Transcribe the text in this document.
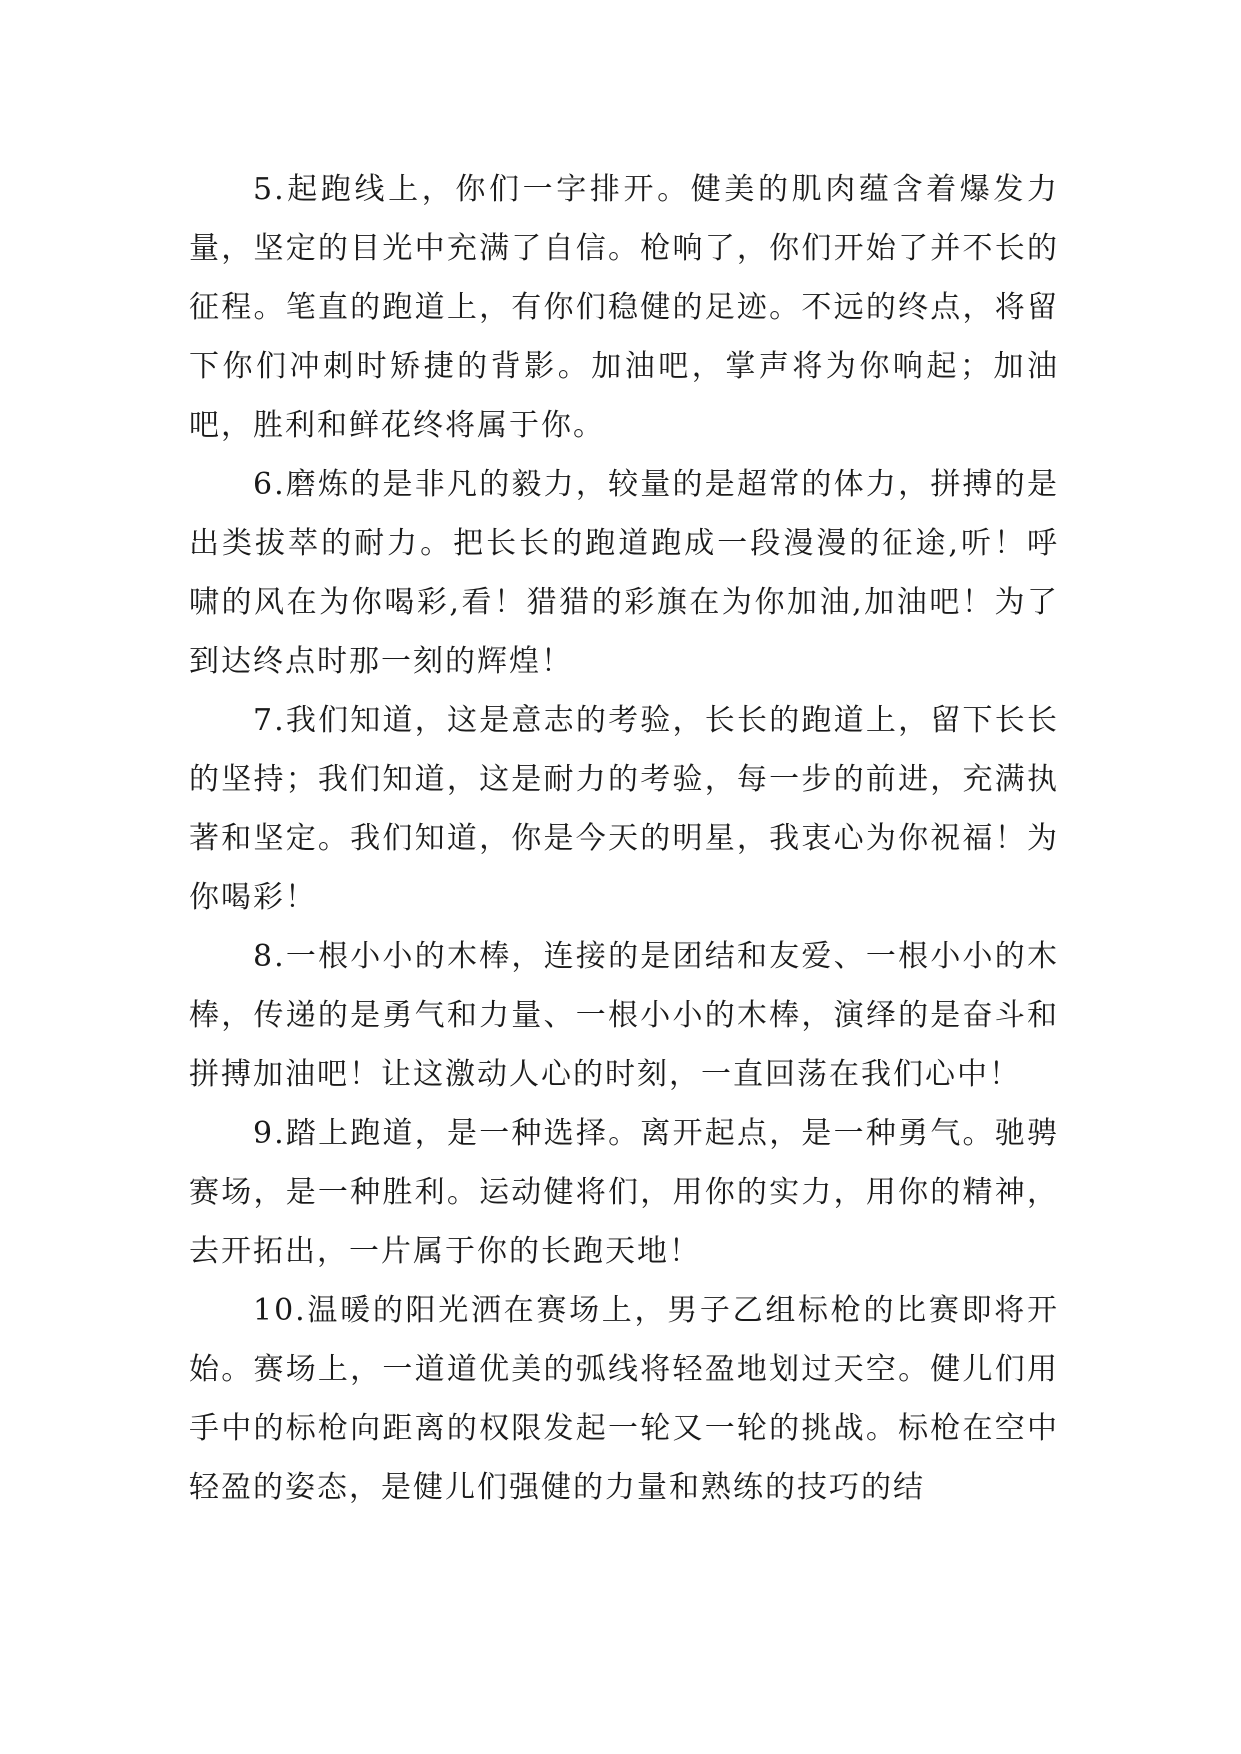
5.起跑线上，你们一字排开。健美的肌肉蕴含着爆发力量，坚定的目光中充满了自信。枪响了，你们开始了并不长的征程。笔直的跑道上，有你们稳健的足迹。不远的终点，将留下你们冲刺时矫捷的背影。加油吧，掌声将为你响起；加油吧，胜利和鲜花终将属于你。

6.磨炼的是非凡的毅力，较量的是超常的体力，拼搏的是出类拔萃的耐力。把长长的跑道跑成一段漫漫的征途,听！呼啸的风在为你喝彩,看！猎猎的彩旗在为你加油,加油吧！为了到达终点时那一刻的辉煌！

7.我们知道，这是意志的考验，长长的跑道上，留下长长的坚持；我们知道，这是耐力的考验，每一步的前进，充满执著和坚定。我们知道，你是今天的明星，我衷心为你祝福！为你喝彩！

8.一根小小的木棒，连接的是团结和友爱、一根小小的木棒，传递的是勇气和力量、一根小小的木棒，演绎的是奋斗和拼搏加油吧！让这激动人心的时刻，一直回荡在我们心中！

9.踏上跑道，是一种选择。离开起点，是一种勇气。驰骋赛场，是一种胜利。运动健将们，用你的实力，用你的精神，去开拓出，一片属于你的长跑天地！

10.温暖的阳光洒在赛场上，男子乙组标枪的比赛即将开始。赛场上，一道道优美的弧线将轻盈地划过天空。健儿们用手中的标枪向距离的权限发起一轮又一轮的挑战。标枪在空中轻盈的姿态，是健儿们强健的力量和熟练的技巧的结
